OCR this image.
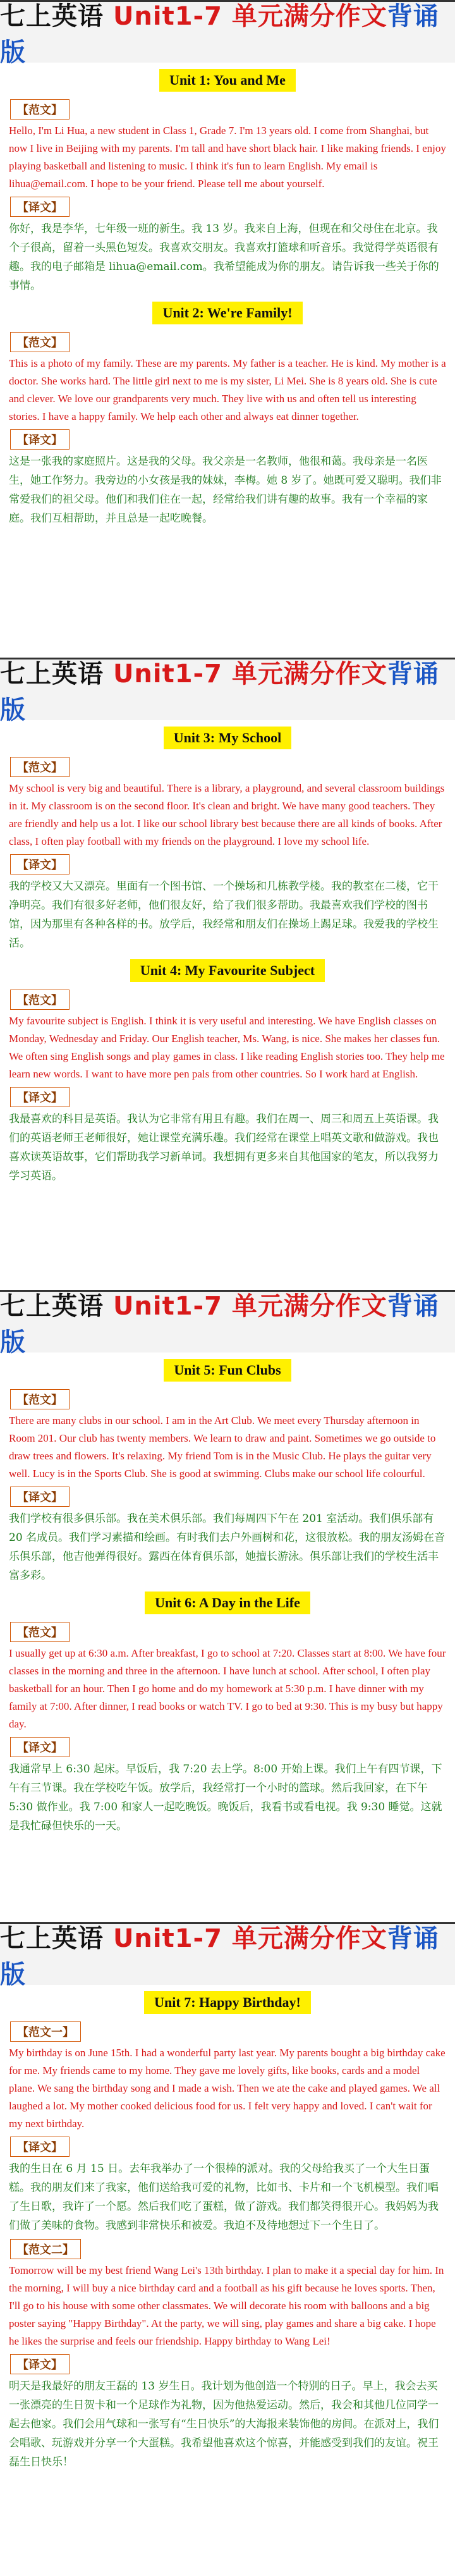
七上英语 Unit1-7 单元满分作文背诵版
Unit 1: You and Me
【范文】
Hello, I'm Li Hua, a new student in Class 1, Grade 7. I'm 13 years old. I come from Shanghai, but now I live in Beijing with my parents. I'm tall and have short black hair. I like making friends. I enjoy playing basketball and listening to music. I think it's fun to learn English. My email is lihua@email.com. I hope to be your friend. Please tell me about yourself.
【译文】
你好，我是李华，七年级一班的新生。我 13 岁。我来自上海，但现在和父母住在北京。我个子很高，留着一头黑色短发。我喜欢交朋友。我喜欢打篮球和听音乐。我觉得学英语很有趣。我的电子邮箱是 lihua@email.com。我希望能成为你的朋友。请告诉我一些关于你的事情。
Unit 2: We're Family!
【范文】
This is a photo of my family. These are my parents. My father is a teacher. He is kind. My mother is a doctor. She works hard. The little girl next to me is my sister, Li Mei. She is 8 years old. She is cute and clever. We love our grandparents very much. They live with us and often tell us interesting stories. I have a happy family. We help each other and always eat dinner together.
【译文】
这是一张我的家庭照片。这是我的父母。我父亲是一名教师，他很和蔼。我母亲是一名医生，她工作努力。我旁边的小女孩是我的妹妹，李梅。她 8 岁了。她既可爱又聪明。我们非常爱我们的祖父母。他们和我们住在一起，经常给我们讲有趣的故事。我有一个幸福的家庭。我们互相帮助，并且总是一起吃晚餐。
七上英语 Unit1-7 单元满分作文背诵版
Unit 3: My School
【范文】
My school is very big and beautiful. There is a library, a playground, and several classroom buildings in it. My classroom is on the second floor. It's clean and bright. We have many good teachers. They are friendly and help us a lot. I like our school library best because there are all kinds of books. After class, I often play football with my friends on the playground. I love my school life.
【译文】
我的学校又大又漂亮。里面有一个图书馆、一个操场和几栋教学楼。我的教室在二楼，它干净明亮。我们有很多好老师，他们很友好，给了我们很多帮助。我最喜欢我们学校的图书馆，因为那里有各种各样的书。放学后，我经常和朋友们在操场上踢足球。我爱我的学校生活。
Unit 4: My Favourite Subject
【范文】
My favourite subject is English. I think it is very useful and interesting. We have English classes on Monday, Wednesday and Friday. Our English teacher, Ms. Wang, is nice. She makes her classes fun. We often sing English songs and play games in class. I like reading English stories too. They help me learn new words. I want to have more pen pals from other countries. So I work hard at English.
【译文】
我最喜欢的科目是英语。我认为它非常有用且有趣。我们在周一、周三和周五上英语课。我们的英语老师王老师很好，她让课堂充满乐趣。我们经常在课堂上唱英文歌和做游戏。我也喜欢读英语故事，它们帮助我学习新单词。我想拥有更多来自其他国家的笔友，所以我努力学习英语。
七上英语 Unit1-7 单元满分作文背诵版
Unit 5: Fun Clubs
【范文】
There are many clubs in our school. I am in the Art Club. We meet every Thursday afternoon in Room 201. Our club has twenty members. We learn to draw and paint. Sometimes we go outside to draw trees and flowers. It's relaxing. My friend Tom is in the Music Club. He plays the guitar very well. Lucy is in the Sports Club. She is good at swimming. Clubs make our school life colourful.
【译文】
我们学校有很多俱乐部。我在美术俱乐部。我们每周四下午在 201 室活动。我们俱乐部有 20 名成员。我们学习素描和绘画。有时我们去户外画树和花，这很放松。我的朋友汤姆在音乐俱乐部，他吉他弹得很好。露西在体育俱乐部，她擅长游泳。俱乐部让我们的学校生活丰富多彩。
Unit 6: A Day in the Life
【范文】
I usually get up at 6:30 a.m. After breakfast, I go to school at 7:20. Classes start at 8:00. We have four classes in the morning and three in the afternoon. I have lunch at school. After school, I often play basketball for an hour. Then I go home and do my homework at 5:30 p.m. I have dinner with my family at 7:00. After dinner, I read books or watch TV. I go to bed at 9:30. This is my busy but happy day.
【译文】
我通常早上 6:30 起床。早饭后，我 7:20 去上学。8:00 开始上课。我们上午有四节课，下午有三节课。我在学校吃午饭。放学后，我经常打一个小时的篮球。然后我回家，在下午 5:30 做作业。我 7:00 和家人一起吃晚饭。晚饭后，我看书或看电视。我 9:30 睡觉。这就是我忙碌但快乐的一天。
七上英语 Unit1-7 单元满分作文背诵版
Unit 7: Happy Birthday!
【范文一】
My birthday is on June 15th. I had a wonderful party last year. My parents bought a big birthday cake for me. My friends came to my home. They gave me lovely gifts, like books, cards and a model plane. We sang the birthday song and I made a wish. Then we ate the cake and played games. We all laughed a lot. My mother cooked delicious food for us. I felt very happy and loved. I can't wait for my next birthday.
【译文】
我的生日在 6 月 15 日。去年我举办了一个很棒的派对。我的父母给我买了一个大生日蛋糕。我的朋友们来了我家，他们送给我可爱的礼物，比如书、卡片和一个飞机模型。我们唱了生日歌，我许了一个愿。然后我们吃了蛋糕，做了游戏。我们都笑得很开心。我妈妈为我们做了美味的食物。我感到非常快乐和被爱。我迫不及待地想过下一个生日了。
【范文二】
Tomorrow will be my best friend Wang Lei's 13th birthday. I plan to make it a special day for him. In the morning, I will buy a nice birthday card and a football as his gift because he loves sports. Then, I'll go to his house with some other classmates. We will decorate his room with balloons and a big poster saying "Happy Birthday". At the party, we will sing, play games and share a big cake. I hope he likes the surprise and feels our friendship. Happy birthday to Wang Lei!
【译文】
明天是我最好的朋友王磊的 13 岁生日。我计划为他创造一个特别的日子。早上，我会去买一张漂亮的生日贺卡和一个足球作为礼物，因为他热爱运动。然后，我会和其他几位同学一起去他家。我们会用气球和一张写有“生日快乐”的大海报来装饰他的房间。在派对上，我们会唱歌、玩游戏并分享一个大蛋糕。我希望他喜欢这个惊喜，并能感受到我们的友谊。祝王磊生日快乐！
